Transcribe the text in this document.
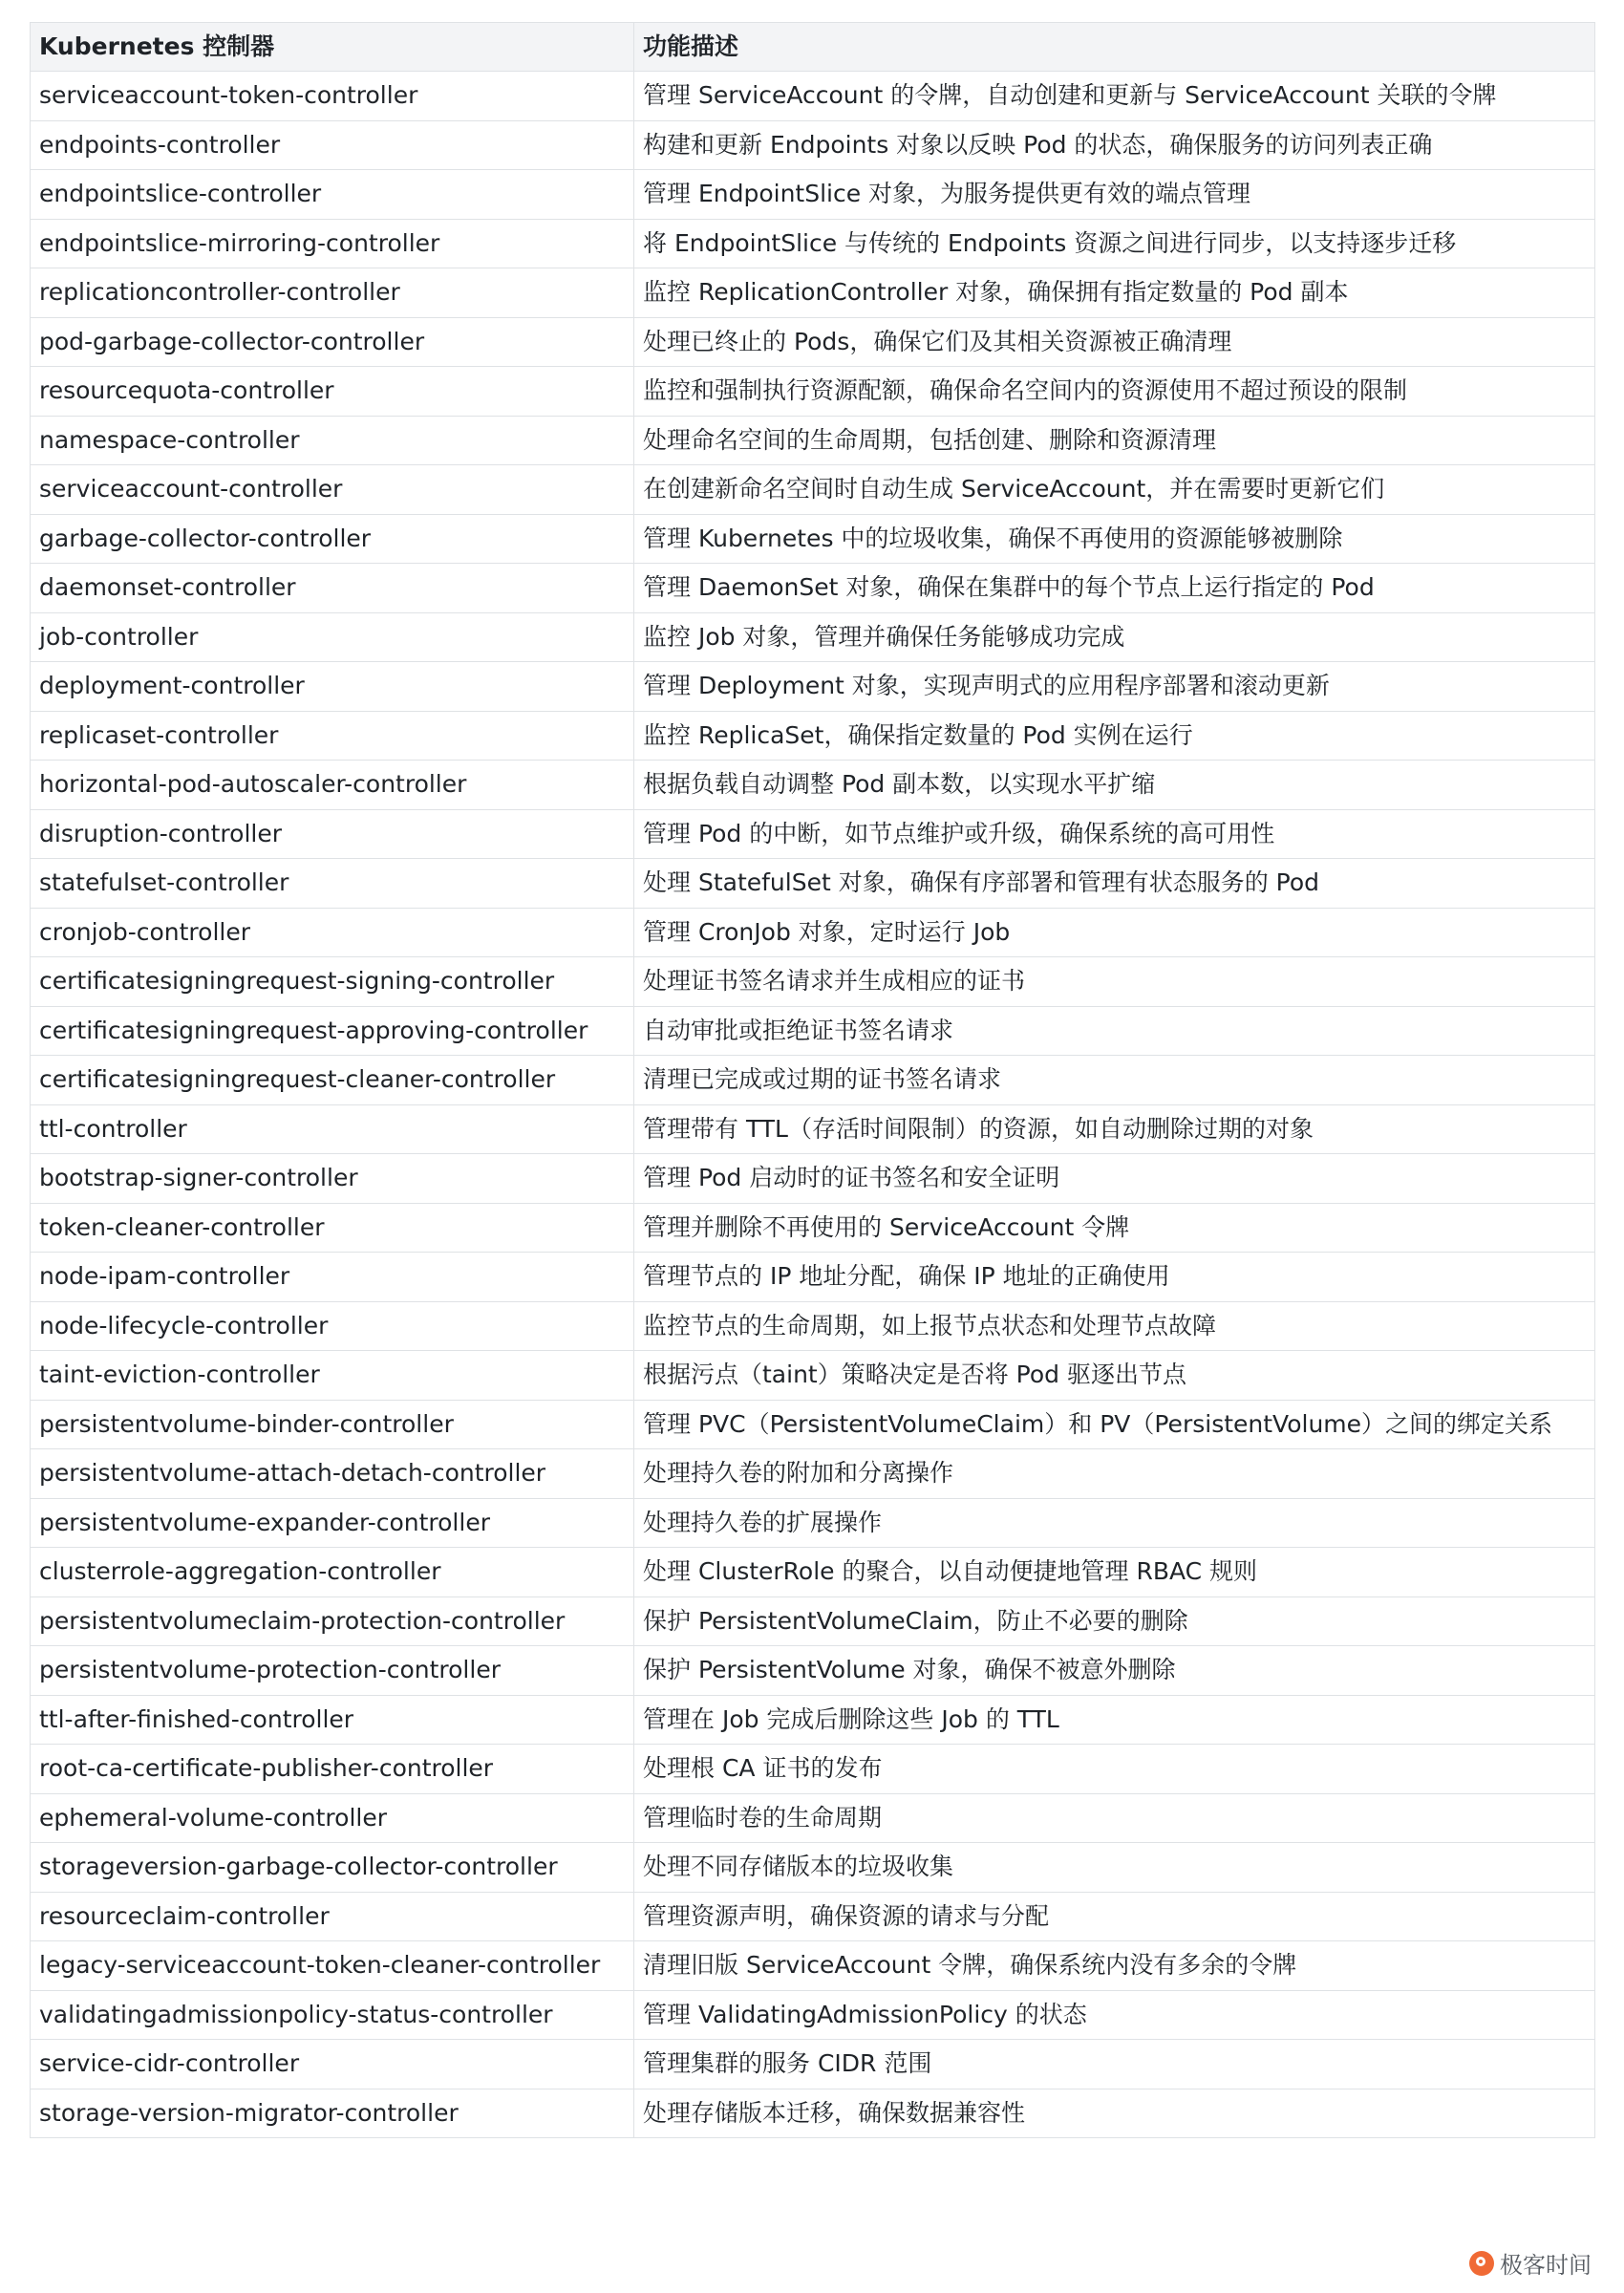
Kubernetes 控制器	功能描述
serviceaccount-token-controller	管理 ServiceAccount 的令牌，自动创建和更新与 ServiceAccount 关联的令牌
endpoints-controller	构建和更新 Endpoints 对象以反映 Pod 的状态，确保服务的访问列表正确
endpointslice-controller	管理 EndpointSlice 对象，为服务提供更有效的端点管理
endpointslice-mirroring-controller	将 EndpointSlice 与传统的 Endpoints 资源之间进行同步，以支持逐步迁移
replicationcontroller-controller	监控 ReplicationController 对象，确保拥有指定数量的 Pod 副本
pod-garbage-collector-controller	处理已终止的 Pods，确保它们及其相关资源被正确清理
resourcequota-controller	监控和强制执行资源配额，确保命名空间内的资源使用不超过预设的限制
namespace-controller	处理命名空间的生命周期，包括创建、删除和资源清理
serviceaccount-controller	在创建新命名空间时自动生成 ServiceAccount，并在需要时更新它们
garbage-collector-controller	管理 Kubernetes 中的垃圾收集，确保不再使用的资源能够被删除
daemonset-controller	管理 DaemonSet 对象，确保在集群中的每个节点上运行指定的 Pod
job-controller	监控 Job 对象，管理并确保任务能够成功完成
deployment-controller	管理 Deployment 对象，实现声明式的应用程序部署和滚动更新
replicaset-controller	监控 ReplicaSet，确保指定数量的 Pod 实例在运行
horizontal-pod-autoscaler-controller	根据负载自动调整 Pod 副本数，以实现水平扩缩
disruption-controller	管理 Pod 的中断，如节点维护或升级，确保系统的高可用性
statefulset-controller	处理 StatefulSet 对象，确保有序部署和管理有状态服务的 Pod
cronjob-controller	管理 CronJob 对象，定时运行 Job
certificatesigningrequest-signing-controller	处理证书签名请求并生成相应的证书
certificatesigningrequest-approving-controller	自动审批或拒绝证书签名请求
certificatesigningrequest-cleaner-controller	清理已完成或过期的证书签名请求
ttl-controller	管理带有 TTL（存活时间限制）的资源，如自动删除过期的对象
bootstrap-signer-controller	管理 Pod 启动时的证书签名和安全证明
token-cleaner-controller	管理并删除不再使用的 ServiceAccount 令牌
node-ipam-controller	管理节点的 IP 地址分配，确保 IP 地址的正确使用
node-lifecycle-controller	监控节点的生命周期，如上报节点状态和处理节点故障
taint-eviction-controller	根据污点（taint）策略决定是否将 Pod 驱逐出节点
persistentvolume-binder-controller	管理 PVC（PersistentVolumeClaim）和 PV（PersistentVolume）之间的绑定关系
persistentvolume-attach-detach-controller	处理持久卷的附加和分离操作
persistentvolume-expander-controller	处理持久卷的扩展操作
clusterrole-aggregation-controller	处理 ClusterRole 的聚合，以自动便捷地管理 RBAC 规则
persistentvolumeclaim-protection-controller	保护 PersistentVolumeClaim，防止不必要的删除
persistentvolume-protection-controller	保护 PersistentVolume 对象，确保不被意外删除
ttl-after-finished-controller	管理在 Job 完成后删除这些 Job 的 TTL
root-ca-certificate-publisher-controller	处理根 CA 证书的发布
ephemeral-volume-controller	管理临时卷的生命周期
storageversion-garbage-collector-controller	处理不同存储版本的垃圾收集
resourceclaim-controller	管理资源声明，确保资源的请求与分配
legacy-serviceaccount-token-cleaner-controller	清理旧版 ServiceAccount 令牌，确保系统内没有多余的令牌
validatingadmissionpolicy-status-controller	管理 ValidatingAdmissionPolicy 的状态
service-cidr-controller	管理集群的服务 CIDR 范围
storage-version-migrator-controller	处理存储版本迁移，确保数据兼容性
极客时间
